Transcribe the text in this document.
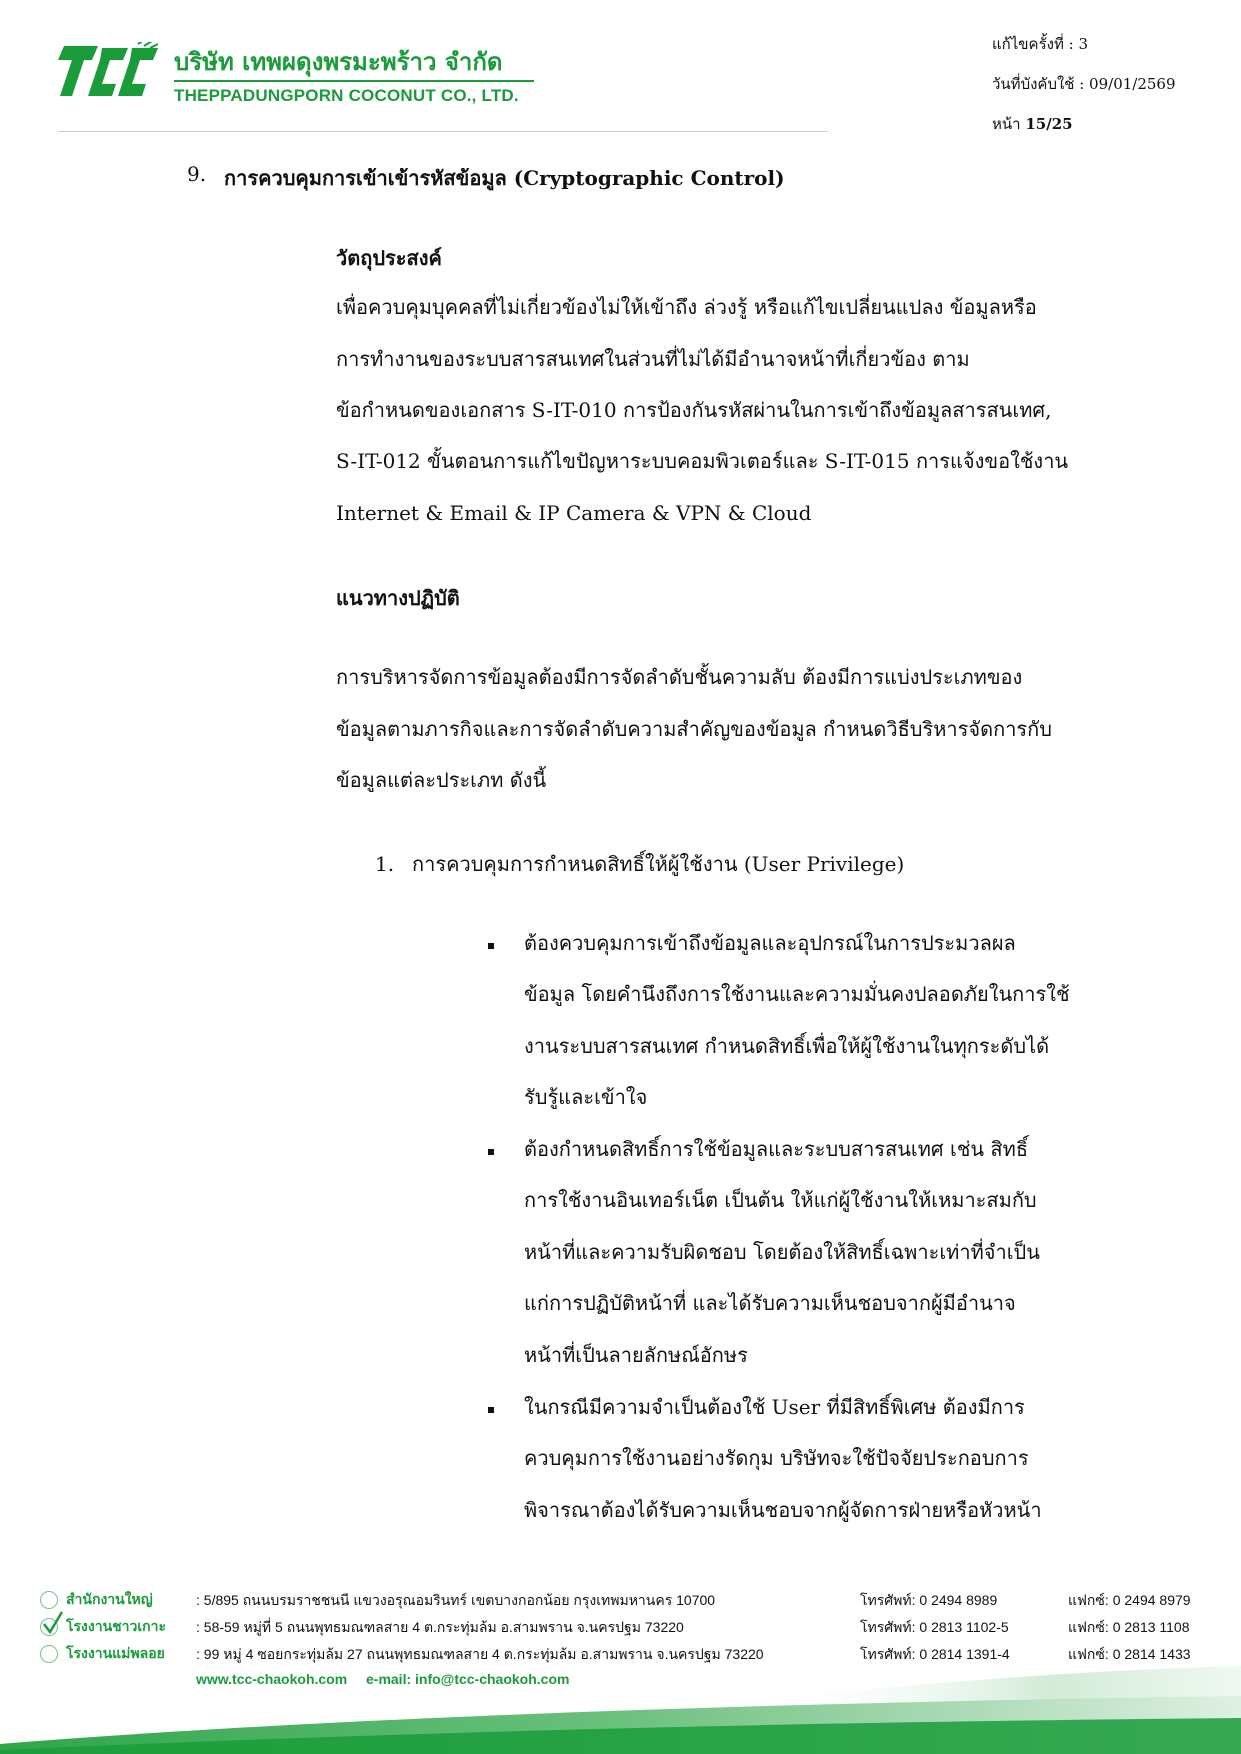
บริษัท เทพผดุงพรมะพร้าว จำกัด
THEPPADUNGPORN COCONUT CO., LTD.
แก้ไขครั้งที่ : 3
วันที่บังคับใช้ : 09/01/2569
หน้า 15/25
9. การควบคุมการเข้าเข้ารหัสข้อมูล (Cryptographic Control)
วัตถุประสงค์
เพื่อควบคุมบุคคลที่ไม่เกี่ยวข้องไม่ให้เข้าถึง ล่วงรู้ หรือแก้ไขเปลี่ยนแปลง ข้อมูลหรือ
การทำงานของระบบสารสนเทศในส่วนที่ไม่ได้มีอำนาจหน้าที่เกี่ยวข้อง ตาม
ข้อกำหนดของเอกสาร S-IT-010 การป้องกันรหัสผ่านในการเข้าถึงข้อมูลสารสนเทศ,
S-IT-012 ขั้นตอนการแก้ไขปัญหาระบบคอมพิวเตอร์และ S-IT-015 การแจ้งขอใช้งาน
Internet & Email & IP Camera & VPN & Cloud
แนวทางปฏิบัติ
การบริหารจัดการข้อมูลต้องมีการจัดลำดับชั้นความลับ ต้องมีการแบ่งประเภทของ
ข้อมูลตามภารกิจและการจัดลำดับความสำคัญของข้อมูล กำหนดวิธีบริหารจัดการกับ
ข้อมูลแต่ละประเภท ดังนี้
1. การควบคุมการกำหนดสิทธิ์ให้ผู้ใช้งาน (User Privilege)
ต้องควบคุมการเข้าถึงข้อมูลและอุปกรณ์ในการประมวลผล
ข้อมูล โดยคำนึงถึงการใช้งานและความมั่นคงปลอดภัยในการใช้
งานระบบสารสนเทศ กำหนดสิทธิ์เพื่อให้ผู้ใช้งานในทุกระดับได้
รับรู้และเข้าใจ
ต้องกำหนดสิทธิ์การใช้ข้อมูลและระบบสารสนเทศ เช่น สิทธิ์
การใช้งานอินเทอร์เน็ต เป็นต้น ให้แก่ผู้ใช้งานให้เหมาะสมกับ
หน้าที่และความรับผิดชอบ โดยต้องให้สิทธิ์เฉพาะเท่าที่จำเป็น
แก่การปฏิบัติหน้าที่ และได้รับความเห็นชอบจากผู้มีอำนาจ
หน้าที่เป็นลายลักษณ์อักษร
ในกรณีมีความจำเป็นต้องใช้ User ที่มีสิทธิ์พิเศษ ต้องมีการ
ควบคุมการใช้งานอย่างรัดกุม บริษัทจะใช้ปัจจัยประกอบการ
พิจารณาต้องได้รับความเห็นชอบจากผู้จัดการฝ่ายหรือหัวหน้า
สำนักงานใหญ่	: 5/895 ถนนบรมราชชนนี แขวงอรุณอมรินทร์ เขตบางกอกน้อย กรุงเทพมหานคร 10700	โทรศัพท์: 0 2494 8989	แฟกซ์: 0 2494 8979
โรงงานชาวเกาะ : 58-59 หมู่ที่ 5 ถนนพุทธมณฑลสาย 4 ต.กระทุ่มล้ม อ.สามพราน จ.นครปฐม 73220	โทรศัพท์: 0 2813 1102-5	แฟกซ์: 0 2813 1108
โรงงานแม่พลอย : 99 หมู่ 4 ซอยกระทุ่มล้ม 27 ถนนพุทธมณฑลสาย 4 ต.กระทุ่มล้ม อ.สามพราน จ.นครปฐม 73220	โทรศัพท์: 0 2814 1391-4	แฟกซ์: 0 2814 1433
www.tcc-chaokoh.com e-mail: info@tcc-chaokoh.com
